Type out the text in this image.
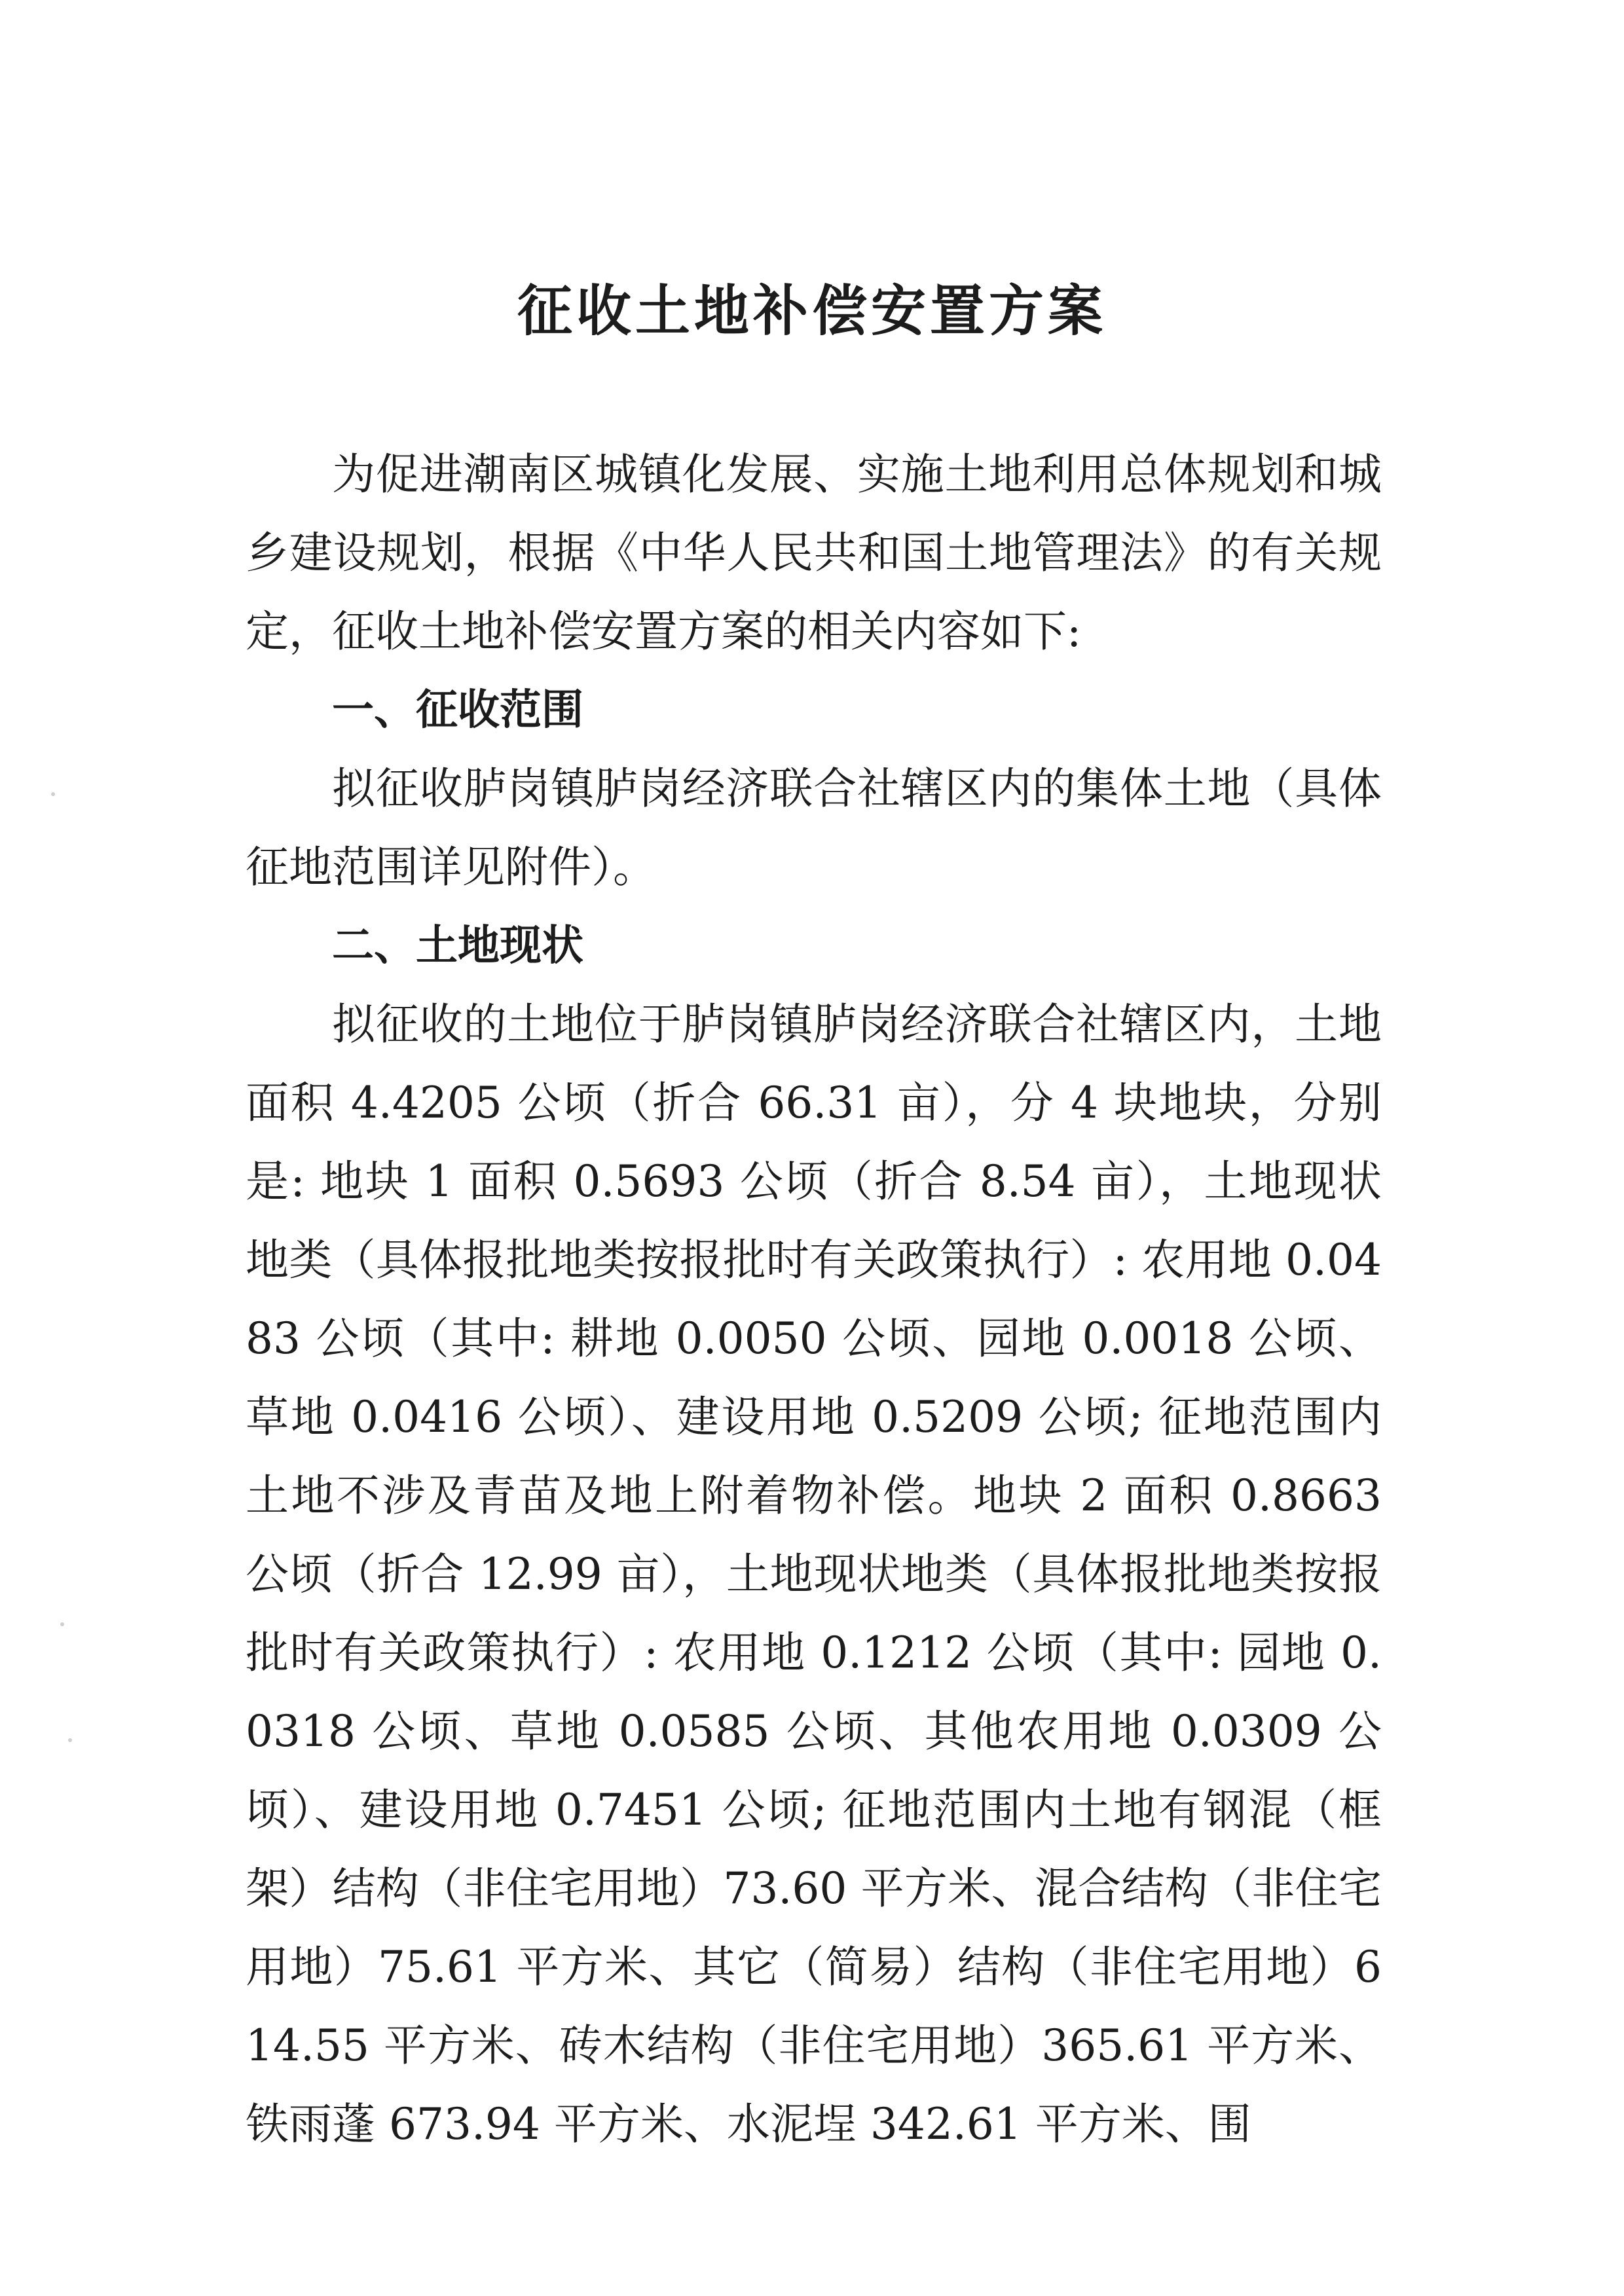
征收土地补偿安置方案

为促进潮南区城镇化发展、实施土地利用总体规划和城乡建设规划，根据《中华人民共和国土地管理法》的有关规定，征收土地补偿安置方案的相关内容如下:

一、征收范围

拟征收胪岗镇胪岗经济联合社辖区内的集体土地（具体征地范围详见附件）。

二、土地现状

拟征收的土地位于胪岗镇胪岗经济联合社辖区内，土地面积 4.4205 公顷（折合 66.31 亩），分 4 块地块，分别是: 地块 1 面积 0.5693 公顷（折合 8.54 亩），土地现状地类（具体报批地类按报批时有关政策执行）: 农用地 0.0483 公顷（其中: 耕地 0.0050 公顷、园地 0.0018 公顷、草地 0.0416 公顷）、建设用地 0.5209 公顷; 征地范围内土地不涉及青苗及地上附着物补偿。地块 2 面积 0.8663 公顷（折合 12.99 亩），土地现状地类（具体报批地类按报批时有关政策执行）: 农用地 0.1212 公顷（其中: 园地 0.0318 公顷、草地 0.0585 公顷、其他农用地 0.0309 公顷）、建设用地 0.7451 公顷; 征地范围内土地有钢混（框架）结构（非住宅用地）73.60 平方米、混合结构（非住宅用地）75.61 平方米、其它（简易）结构（非住宅用地）614.55 平方米、砖木结构（非住宅用地）365.61 平方米、铁雨蓬 673.94 平方米、水泥埕 342.61 平方米、围
